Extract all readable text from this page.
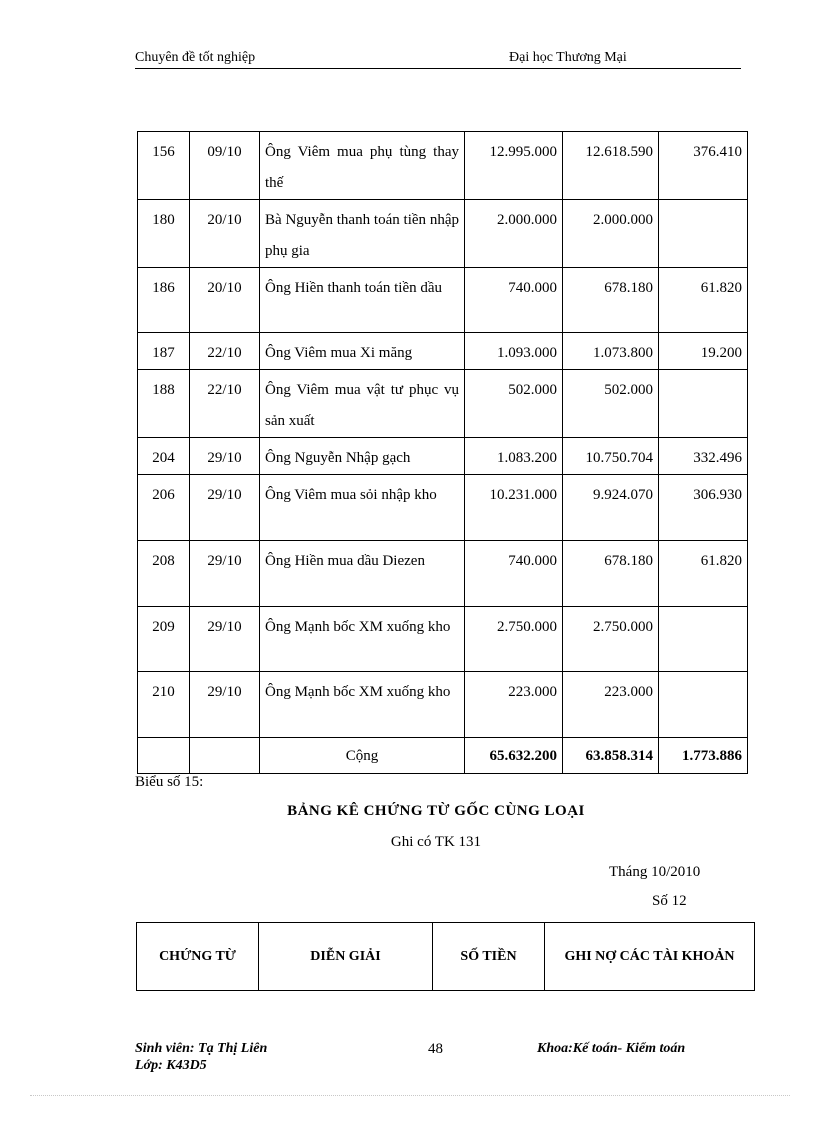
Chuyên đề tốt nghiệp	Đại học Thương Mại
156	09/10	Ông Viêm mua phụ tùng thay thế	12.995.000	12.618.590	376.410
180	20/10	Bà Nguyễn thanh toán tiền nhập phụ gia	2.000.000	2.000.000	
186	20/10	Ông Hiền thanh toán tiền dầu	740.000	678.180	61.820
187	22/10	Ông Viêm mua Xi măng	1.093.000	1.073.800	19.200
188	22/10	Ông Viêm mua vật tư phục vụ sản xuất	502.000	502.000	
204	29/10	Ông Nguyễn Nhập gạch	1.083.200	10.750.704	332.496
206	29/10	Ông Viêm mua sỏi nhập kho	10.231.000	9.924.070	306.930
208	29/10	Ông Hiền mua dầu Diezen	740.000	678.180	61.820
209	29/10	Ông Mạnh bốc XM xuống kho	2.750.000	2.750.000	
210	29/10	Ông Mạnh bốc XM xuống kho	223.000	223.000	
		Cộng	65.632.200	63.858.314	1.773.886
Biểu số 15:
BẢNG KÊ CHỨNG TỪ GỐC CÙNG LOẠI
Ghi có TK 131
Tháng 10/2010
Số 12
CHỨNG TỪ	DIỄN GIẢI	SỐ TIỀN	GHI NỢ CÁC TÀI KHOẢN
Sinh viên: Tạ Thị Liên
Lớp: K43D5
48	Khoa:Kế toán- Kiểm toán
